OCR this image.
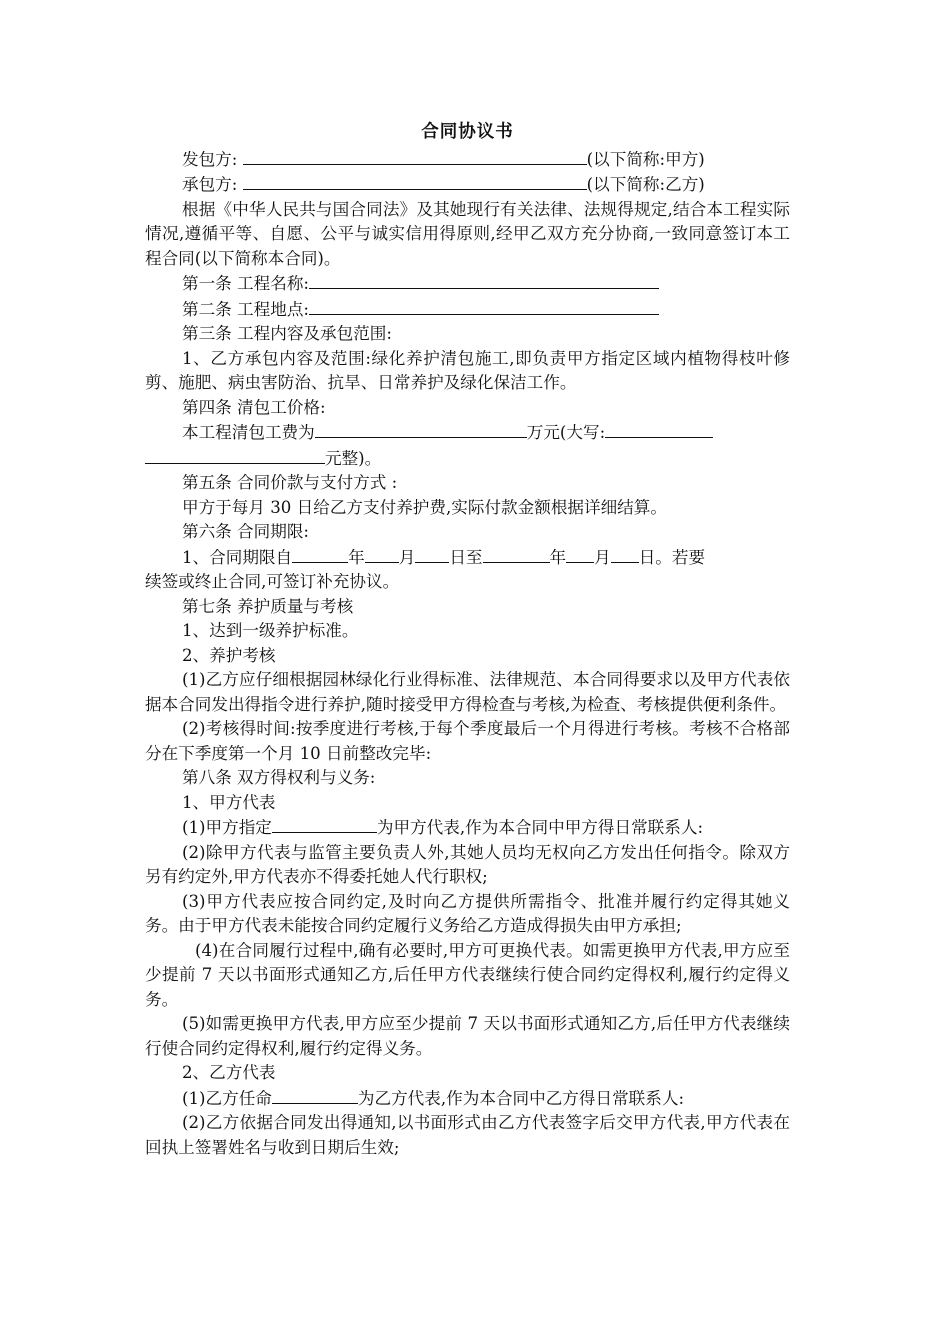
合同协议书

发包方:	(以下简称:甲方)

承包方:	(以下简称:乙方)

根据《中华人民共与国合同法》及其她现行有关法律、法规得规定,结合本工程实际情况,遵循平等、自愿、公平与诚实信用得原则,经甲乙双方充分协商,一致同意签订本工程合同(以下简称本合同)。

第一条 工程名称:

第二条 工程地点:

第三条 工程内容及承包范围:

1、乙方承包内容及范围:绿化养护清包施工,即负责甲方指定区域内植物得枝叶修剪、施肥、病虫害防治、抗旱、日常养护及绿化保洁工作。

第四条 清包工价格:

本工程清包工费为	万元(大写:

元整)。

第五条 合同价款与支付方式 :

甲方于每月 30 日给乙方支付养护费,实际付款金额根据详细结算。

第六条 合同期限:

1、合同期限自	年 月 日至	年 月 日。若要

续签或终止合同,可签订补充协议。

第七条 养护质量与考核

1、达到一级养护标准。

2、养护考核

(1)乙方应仔细根据园林绿化行业得标准、法律规范、本合同得要求以及甲方代表依据本合同发出得指令进行养护,随时接受甲方得检查与考核,为检查、考核提供便利条件。

(2)考核得时间:按季度进行考核,于每个季度最后一个月得进行考核。考核不合格部分在下季度第一个月 10 日前整改完毕:

第八条 双方得权利与义务:

1、甲方代表

(1)甲方指定	为甲方代表,作为本合同中甲方得日常联系人:

(2)除甲方代表与监管主要负责人外,其她人员均无权向乙方发出任何指令。除双方另有约定外,甲方代表亦不得委托她人代行职权;

(3)甲方代表应按合同约定,及时向乙方提供所需指令、批准并履行约定得其她义务。由于甲方代表未能按合同约定履行义务给乙方造成得损失由甲方承担;

(4)在合同履行过程中,确有必要时,甲方可更换代表。如需更换甲方代表,甲方应至少提前 7 天以书面形式通知乙方,后任甲方代表继续行使合同约定得权利,履行约定得义务。

(5)如需更换甲方代表,甲方应至少提前 7 天以书面形式通知乙方,后任甲方代表继续行使合同约定得权利,履行约定得义务。

2、乙方代表

(1)乙方任命	为乙方代表,作为本合同中乙方得日常联系人:

(2)乙方依据合同发出得通知,以书面形式由乙方代表签字后交甲方代表,甲方代表在回执上签署姓名与收到日期后生效;
